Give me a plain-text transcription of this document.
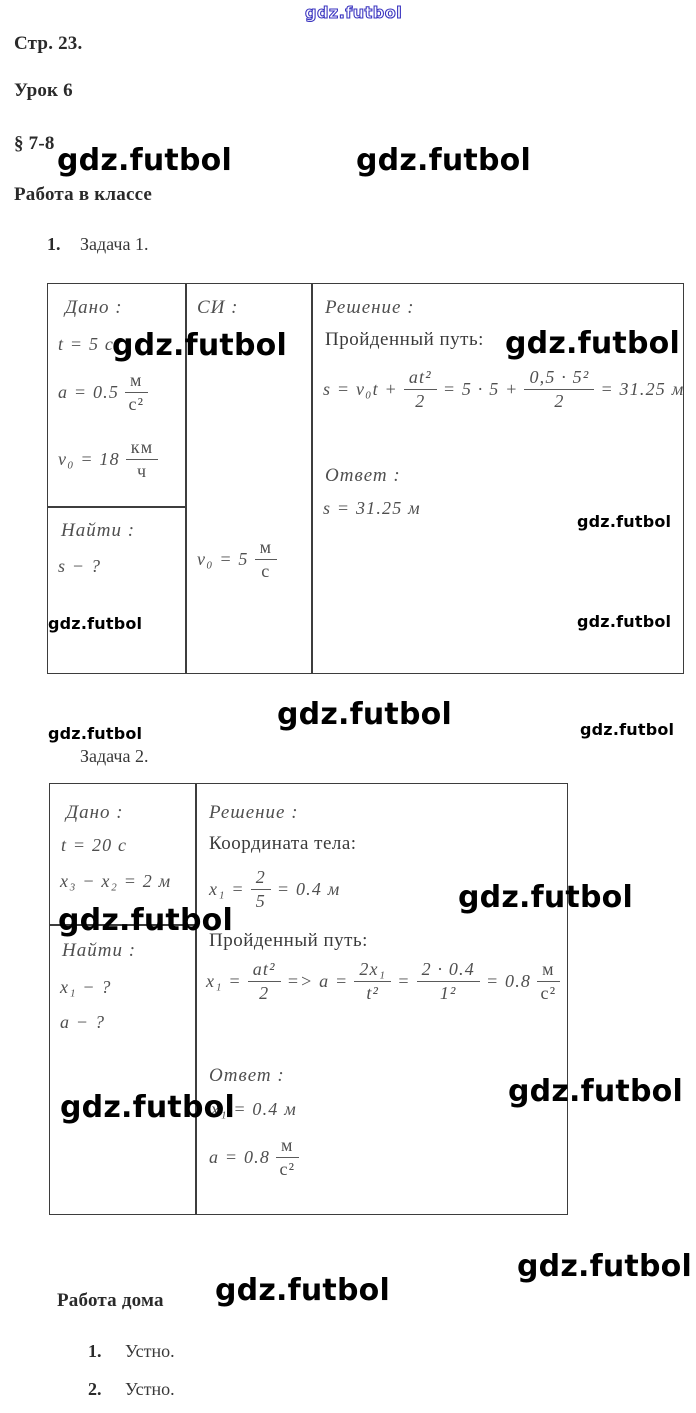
Стр. 23.
Урок 6
§ 7-8
Работа в классе
1. Задача 1.
Дано :
t = 5 с
$a = 0.5 \frac{м}{\text{с²}}$
$v_0 = 18 \frac{км}{ч}$
Найти :
s − ?
СИ :
$v_0 = 5 \frac{м}{с}$
Решение :
Пройденный путь:
$s = v_0t + \frac{\text{at²}}{2} = 5 \cdot 5 + \frac{\text{0,5 · 5²}}{2} = 31.25$ м
Ответ :
s = 31.25 м
Задача 2.
Дано :
t = 20 с
x₃ − x₂ = 2 м
Найти :
x₁ − ?
a − ?
Решение :
Координата тела:
$x_1 = \frac{2}{5} = 0.4$ м
Пройденный путь:
$x_1 = \frac{\text{at²}}{2} => a = \frac{\text{2x₁}}{\text{t²}} = \frac{2 \cdot 0.4}{\text{1²}} = 0.8 \frac{м}{\text{с²}}$
Ответ :
x₁ = 0.4 м
$a = 0.8 \frac{м}{\text{с²}}$
Работа дома
1. Устно.
2. Устно.
gdz.futbol
gdz.futbol	gdz.futbol
gdz.futbol	gdz.futbol
gdz.futbol
gdz.futbol
gdz.futbol
gdz.futbol
gdz.futbol	gdz.futbol
gdz.futbol
gdz.futbol
gdz.futbol	gdz.futbol
gdz.futbol
gdz.futbol
